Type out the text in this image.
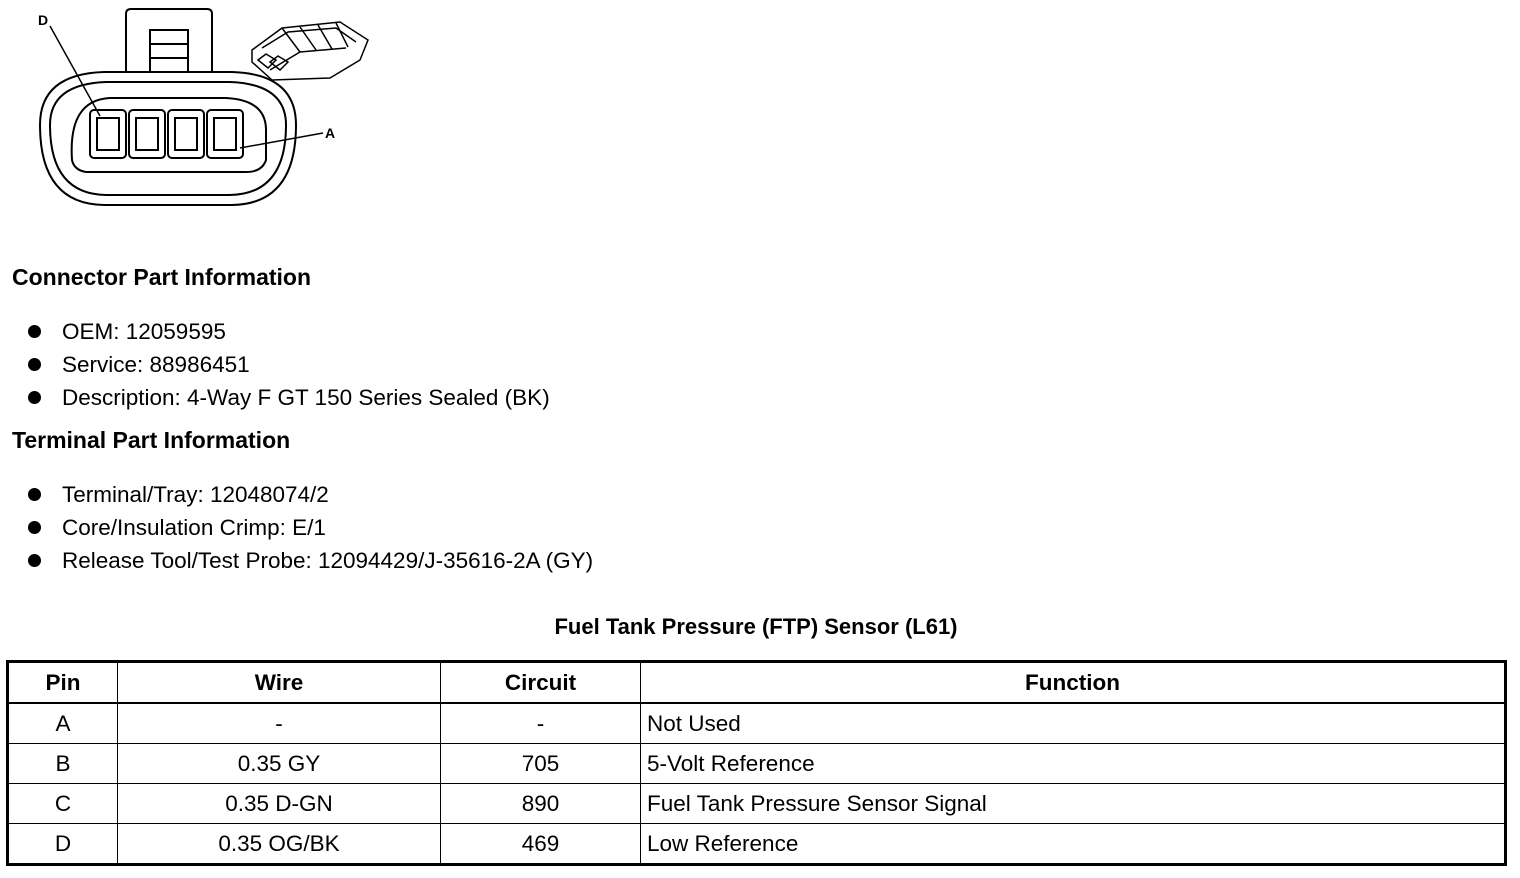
D
A
Connector Part Information
OEM: 12059595
Service: 88986451
Description: 4-Way F GT 150 Series Sealed (BK)
Terminal Part Information
Terminal/Tray: 12048074/2
Core/Insulation Crimp: E/1
Release Tool/Test Probe: 12094429/J-35616-2A (GY)
Fuel Tank Pressure (FTP) Sensor (L61)
Pin	Wire	Circuit	Function
A	-	-	Not Used
B	0.35 GY	705	5-Volt Reference
C	0.35 D-GN	890	Fuel Tank Pressure Sensor Signal
D	0.35 OG/BK	469	Low Reference
